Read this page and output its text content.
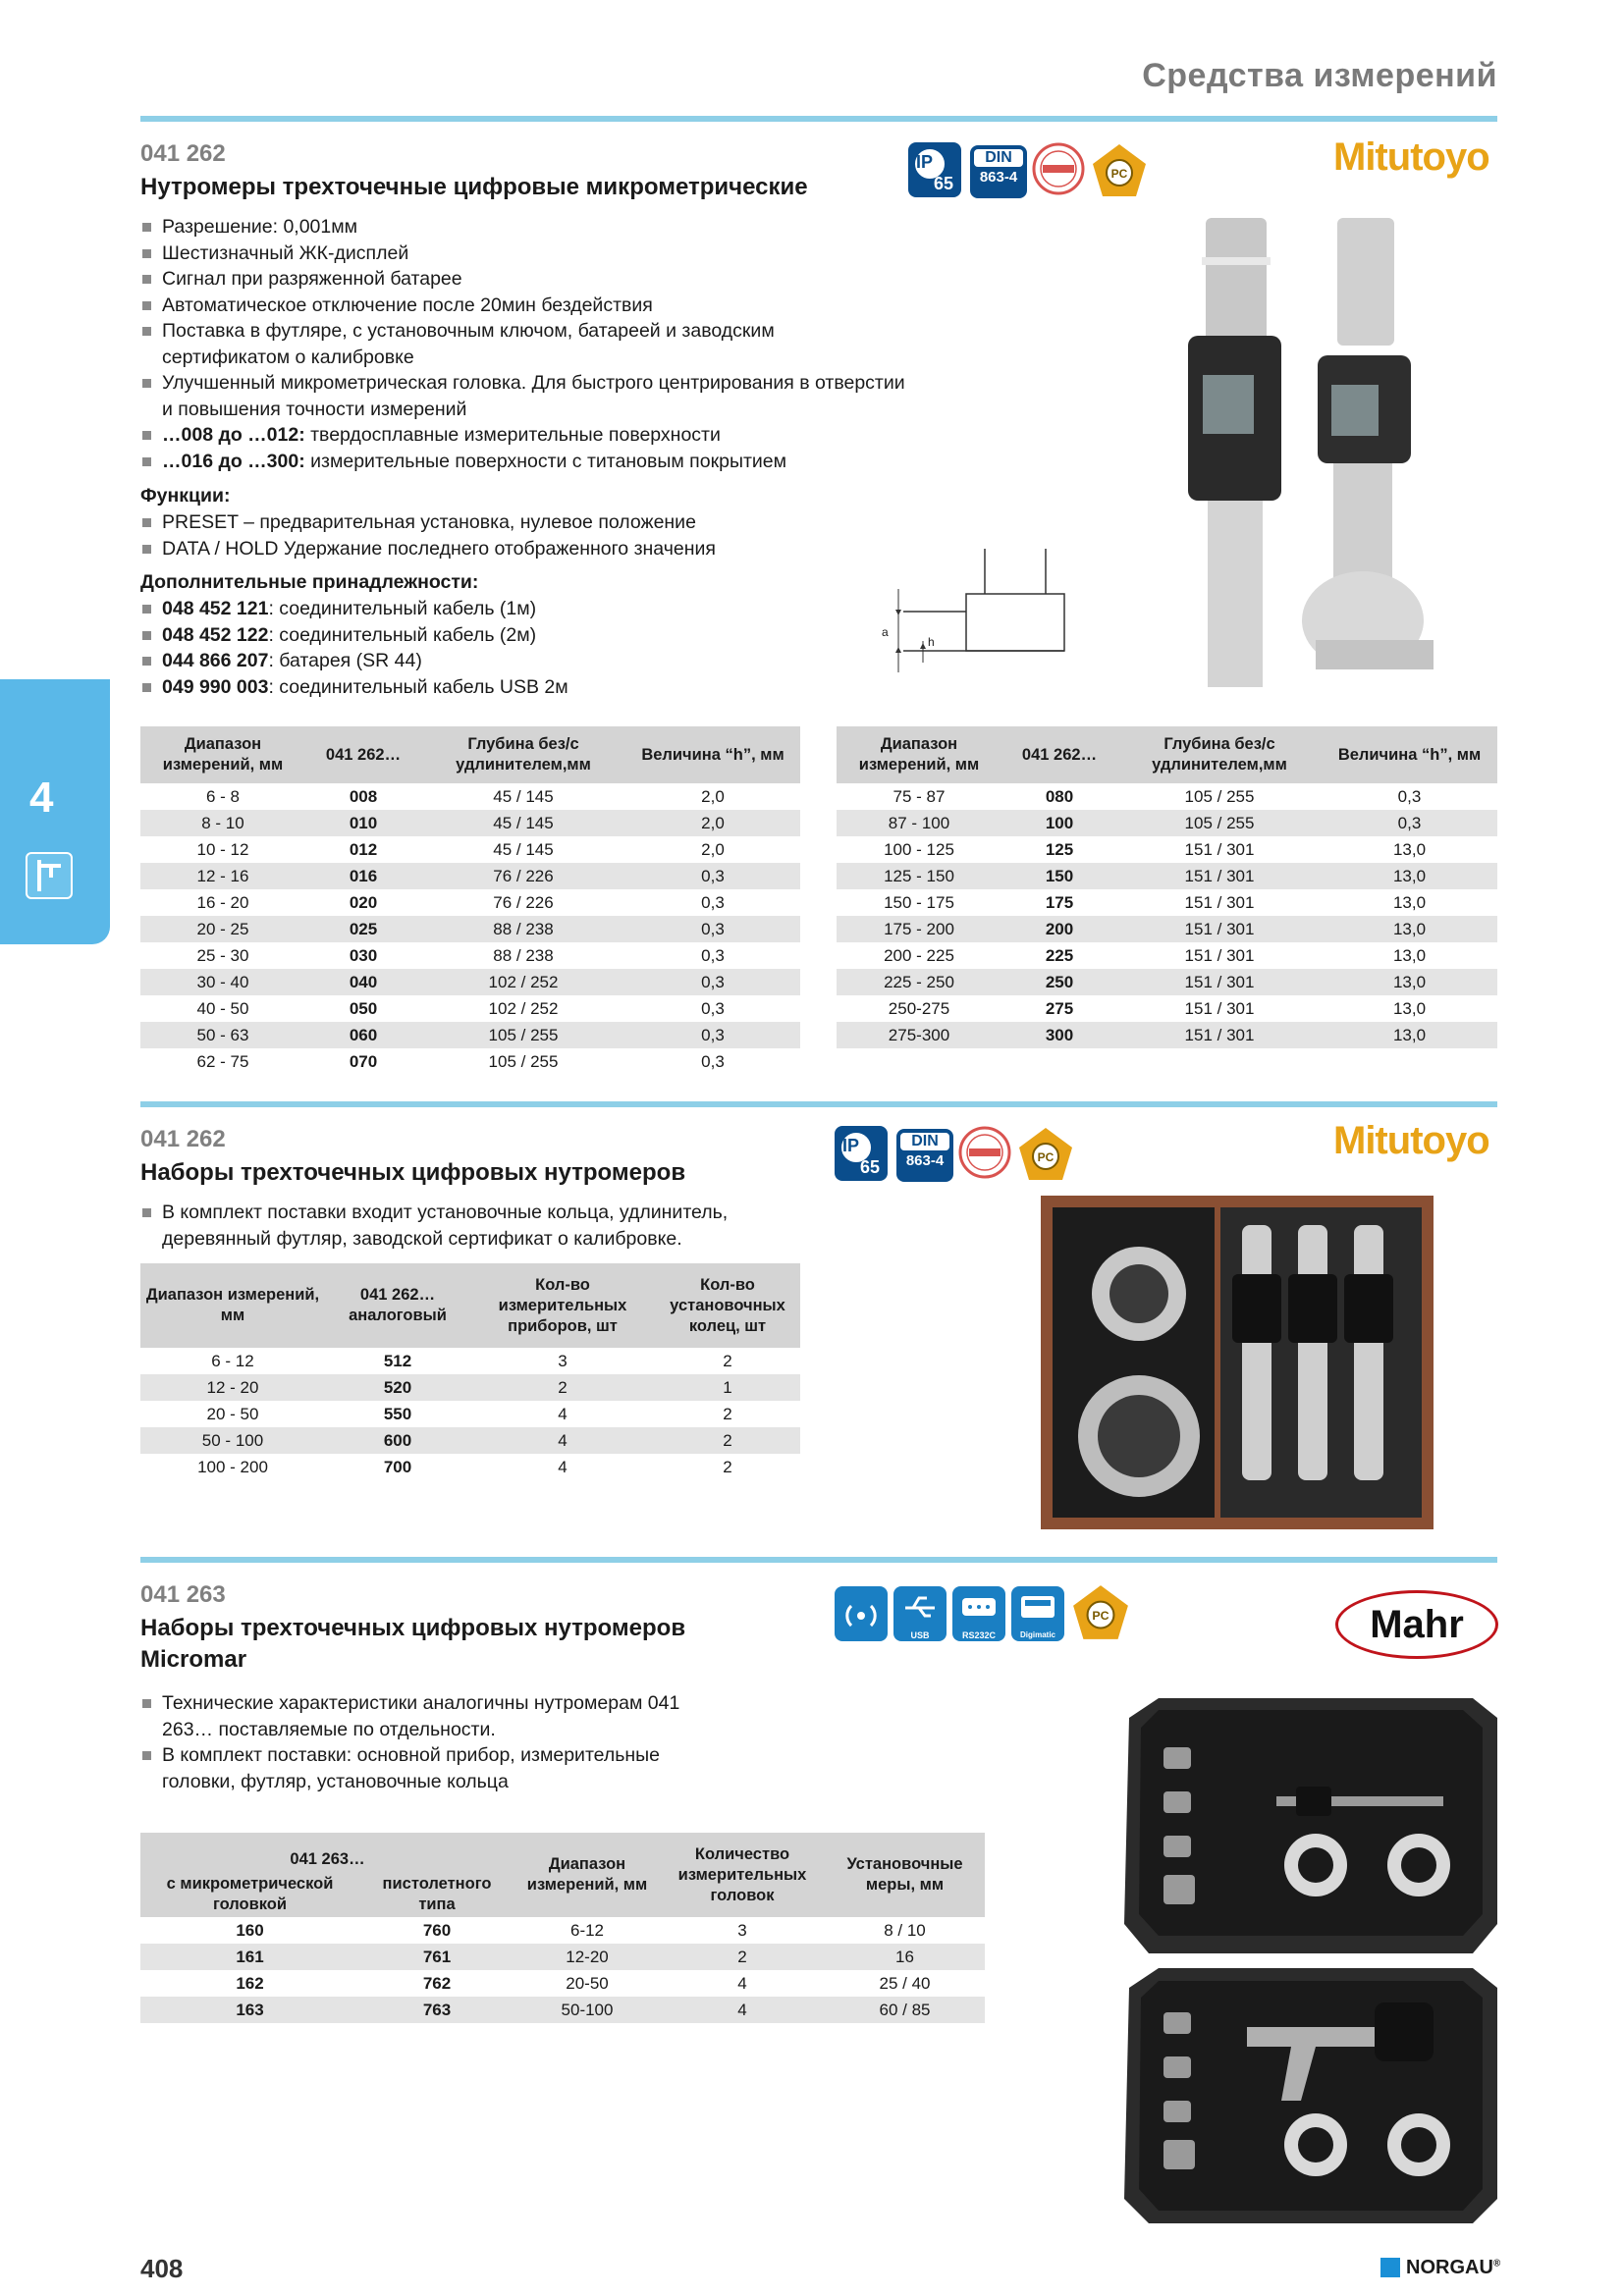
Средства измерений
4
041 262
Нутромеры трехточечные цифровые микрометрические
IP
65
DIN
863-4	PC	Mitutoyo
Разрешение: 0,001мм
Шестизначный ЖК-дисплей
Сигнал при разряженной батарее
Автоматическое отключение после 20мин бездействия
Поставка в футляре, с установочным ключом, батареей и заводским сертификатом о калибровке
Улучшенный микрометрическая головка. Для быстрого центрирования в отверстии и повышения точности измерений
…008 до …012: твердосплавные измерительные поверхности
…016 до …300: измерительные поверхности с титановым покрытием
Функции:
PRESET – предварительная установка, нулевое положение
DATA / HOLD Удержание последнего отображенного значения
Дополнительные принадлежности:
048 452 121: соединительный кабель (1м)
048 452 122: соединительный кабель (2м)
044 866 207: батарея (SR 44)
049 990 003: соединительный кабель USB 2м
a
h
Диапазон измерений, мм	041 262…	Глубина без/с удлинителем,мм	Величина “h”, мм
6 - 8	008	45 / 145	2,0
8 - 10	010	45 / 145	2,0
10 - 12	012	45 / 145	2,0
12 - 16	016	76 / 226	0,3
16 - 20	020	76 / 226	0,3
20 - 25	025	88 / 238	0,3
25 - 30	030	88 / 238	0,3
30 - 40	040	102 / 252	0,3
40 - 50	050	102 / 252	0,3
50 - 63	060	105 / 255	0,3
62 - 75	070	105 / 255	0,3
Диапазон измерений, мм	041 262…	Глубина без/с удлинителем,мм	Величина “h”, мм
75 - 87	080	105 / 255	0,3
87 - 100	100	105 / 255	0,3
100 - 125	125	151 / 301	13,0
125 - 150	150	151 / 301	13,0
150 - 175	175	151 / 301	13,0
175 - 200	200	151 / 301	13,0
200 - 225	225	151 / 301	13,0
225 - 250	250	151 / 301	13,0
250-275	275	151 / 301	13,0
275-300	300	151 / 301	13,0
041 262
Наборы трехточечных цифровых нутромеров
IP
65
DIN
863-4	PC	Mitutoyo
В комплект поставки входит установочные кольца, удлинитель, деревянный футляр, заводской сертификат о калибровке.
Диапазон измерений, мм	041 262… аналоговый	Кол-во измерительных приборов, шт	Кол-во установочных колец, шт
6 - 12	512	3	2
12 - 20	520	2	1
20 - 50	550	4	2
50 - 100	600	4	2
100 - 200	700	4	2
041 263
Наборы трехточечных цифровых нутромеров
Micromar
USB	RS232C	Digimatic
PC	Mahr
Технические характеристики аналогичны нутромерам 041 263… поставляемые по отдельности.
В комплект поставки: основной прибор, измерительные головки, футляр, установочные кольца
041 263…		Диапазон измерений, мм	Количество измерительных головок	Установочные меры, мм
с микрометрической головкой	пистолетного типа			
160	760	6-12	3	8 / 10
161	761	12-20	2	16
162	762	20-50	4	25 / 40
163	763	50-100	4	60 / 85
408	NORGAU®
